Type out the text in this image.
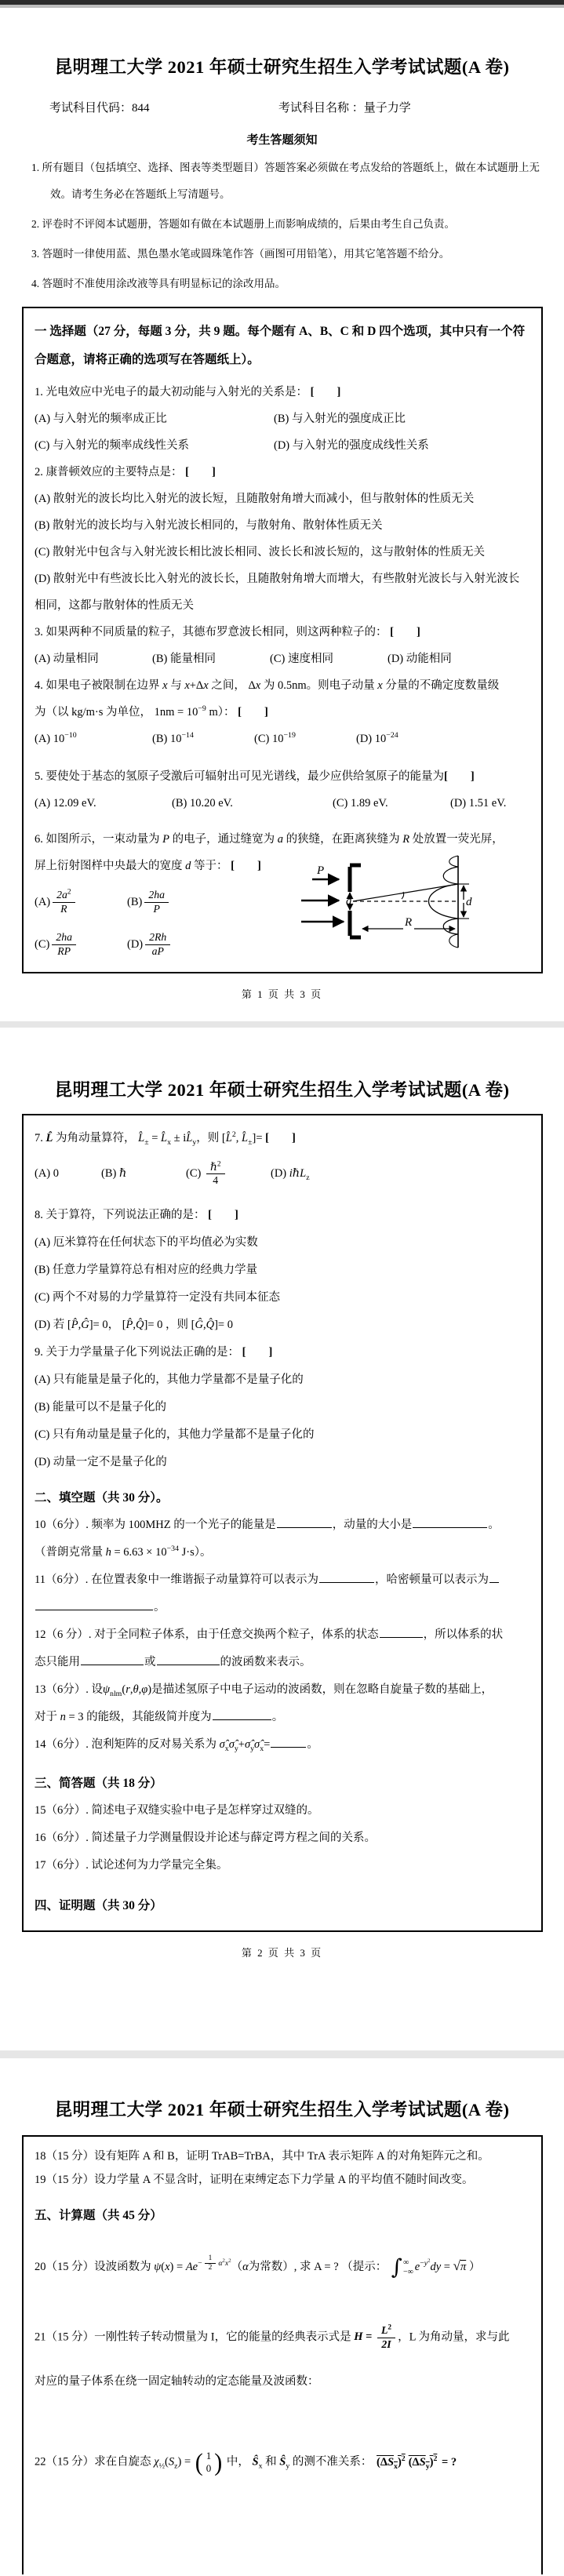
昆明理工大学 2021 年硕士研究生招生入学考试试题(A 卷)
考试科目代码：844	考试科目名称 ：量子力学
考生答题须知
1. 所有题目（包括填空、选择、图表等类型题目）答题答案必须做在考点发给的答题纸上，做在本试题册上无效。请考生务必在答题纸上写清题号。
2. 评卷时不评阅本试题册，答题如有做在本试题册上而影响成绩的，后果由考生自己负责。
3. 答题时一律使用蓝、黑色墨水笔或圆珠笔作答（画图可用铅笔），用其它笔答题不给分。
4. 答题时不准使用涂改液等具有明显标记的涂改用品。
一 选择题（27 分，每题 3 分，共 9 题。每个题有 A、B、C 和 D 四个选项，其中只有一个符合题意，请将正确的选项写在答题纸上）。
1. 光电效应中光电子的最大初动能与入射光的关系是： [　　]
(A) 与入射光的频率成正比	(B) 与入射光的强度成正比
(C) 与入射光的频率成线性关系	(D) 与入射光的强度成线性关系
2. 康普顿效应的主要特点是： [　　]
(A) 散射光的波长均比入射光的波长短，且随散射角增大而减小，但与散射体的性质无关
(B) 散射光的波长均与入射光波长相同的，与散射角、散射体性质无关
(C) 散射光中包含与入射光波长相比波长相同、波长长和波长短的，这与散射体的性质无关
(D) 散射光中有些波长比入射光的波长长，且随散射角增大而增大，有些散射光波长与入射光波长相同，这都与散射体的性质无关
3. 如果两种不同质量的粒子，其德布罗意波长相同，则这两种粒子的： [　　]
(A) 动量相同	(B) 能量相同	(C) 速度相同	(D) 动能相同
4. 如果电子被限制在边界 x 与 x+Δx 之间， Δx 为 0.5nm。则电子动量 x 分量的不确定度数量级
为（以 kg/m·s 为单位， $1nm = 10^{-9}$ m）： [　　]
(A) $10^{-10}$	(B) $10^{-14}$	(C) $10^{-19}$	(D) $10^{-24}$
5. 要使处于基态的氢原子受激后可辐射出可见光谱线，最少应供给氢原子的能量为[　　]
(A) 12.09 eV.	(B) 10.20 eV.	(C) 1.89 eV.	(D) 1.51 eV.
6. 如图所示，一束动量为 P 的电子，通过缝宽为 a 的狭缝，在距离狭缝为 R 处放置一荧光屏，
屏上衍射图样中央最大的宽度 d 等于： [　　]
$(A) \frac{2a^2}{R}$	$(B) \frac{2ha}{P}$
$(C) \frac{2ha}{RP}$	$(D) \frac{2Rh}{aP}$
P
a
R
d
第 1 页 共 3 页
昆明理工大学 2021 年硕士研究生招生入学考试试题(A 卷)
7. L̂ 为角动量算符， $L̂_\pm$ = $L̂_x$ ± $iL̂_y$，则 [L̂$^2$, $L̂_\pm]=$ [　　]
(A) 0	(B) ℏ	$(C) \frac{\hbar^2}{4}$	(D) iℏL$_z$
8. 关于算符，下列说法正确的是： [　　]
(A) 厄米算符在任何状态下的平均值必为实数
(B) 任意力学量算符总有相对应的经典力学量
(C) 两个不对易的力学量算符一定没有共同本征态
(D) 若 [P̂,Ĝ]= 0， [P̂,Q̂]= 0 ，则 [Ĝ,Q̂]= 0
9. 关于力学量量子化下列说法正确的是： [　　]
(A) 只有能量是量子化的，其他力学量都不是量子化的
(B) 能量可以不是量子化的
(C) 只有角动量是量子化的，其他力学量都不是量子化的
(D) 动量一定不是量子化的
二、填空题（共 30 分）。
10（6分）. 频率为 100MHZ 的一个光子的能量是	，动量的大小是	。
（普朗克常量 $h = 6.63 \times 10^{-34}$ J·s）。
11（6分）. 在位置表象中一维谐振子动量算符可以表示为	，哈密顿量可以表示为
。
12（6 分）. 对于全同粒子体系，由于任意交换两个粒子，体系的状态	，所以体系的状
态只能用	或	的波函数来表示。
13（6分）. 设$\psi_{nlm}(r,\theta,\varphi)$是描述氢原子中电子运动的波函数，则在忽略自旋量子数的基础上，
对于 n = 3 的能级，其能级简并度为	。
14（6分）. 泡利矩阵的反对易关系为 $\sigmâ_x\sigmâ_y+\sigmâ_y\sigmâ_x=$	。
三、简答题（共 18 分）
15（6分）. 简述电子双缝实验中电子是怎样穿过双缝的。
16（6分）. 简述量子力学测量假设并论述与薛定谔方程之间的关系。
17（6分）. 试论述何为力学量完全集。
四、证明题（共 30 分）
第 2 页 共 3 页
昆明理工大学 2021 年硕士研究生招生入学考试试题(A 卷)
18（15 分）设有矩阵 A 和 B，证明 TrAB=TrBA，其中 TrA 表示矩阵 A 的对角矩阵元之和。
19（15 分）设力学量 A 不显含时，证明在束缚定态下力学量 A 的平均值不随时间改变。
五、计算题（共 45 分）
20（15 分）设波函数为 $\psi(x) = Ae^{- \frac{1}{2} \alpha^2x^2}(\alpha$为常数）, 求 A = ? （提示： ∫ ∞
−∞ $e^{-y^2}dy = √\pi$ ）
21（15 分）一刚性转子转动惯量为 I，它的能量的经典表示式是 $H = \frac{L^2}{2I}$ ，L 为角动量，求与此
对应的量子体系在绕一固定轴转动的定态能量及波函数：
22（15 分）求在自旋态 $\chi_{\frac{1}{2}}(S_z)$ = ( 1
0 ) 中， $Ŝ_x$ 和 $Ŝ_y$ 的测不准关系： $(\Delta S_x)^2$ $(\Delta S_y)^2$ = ?
